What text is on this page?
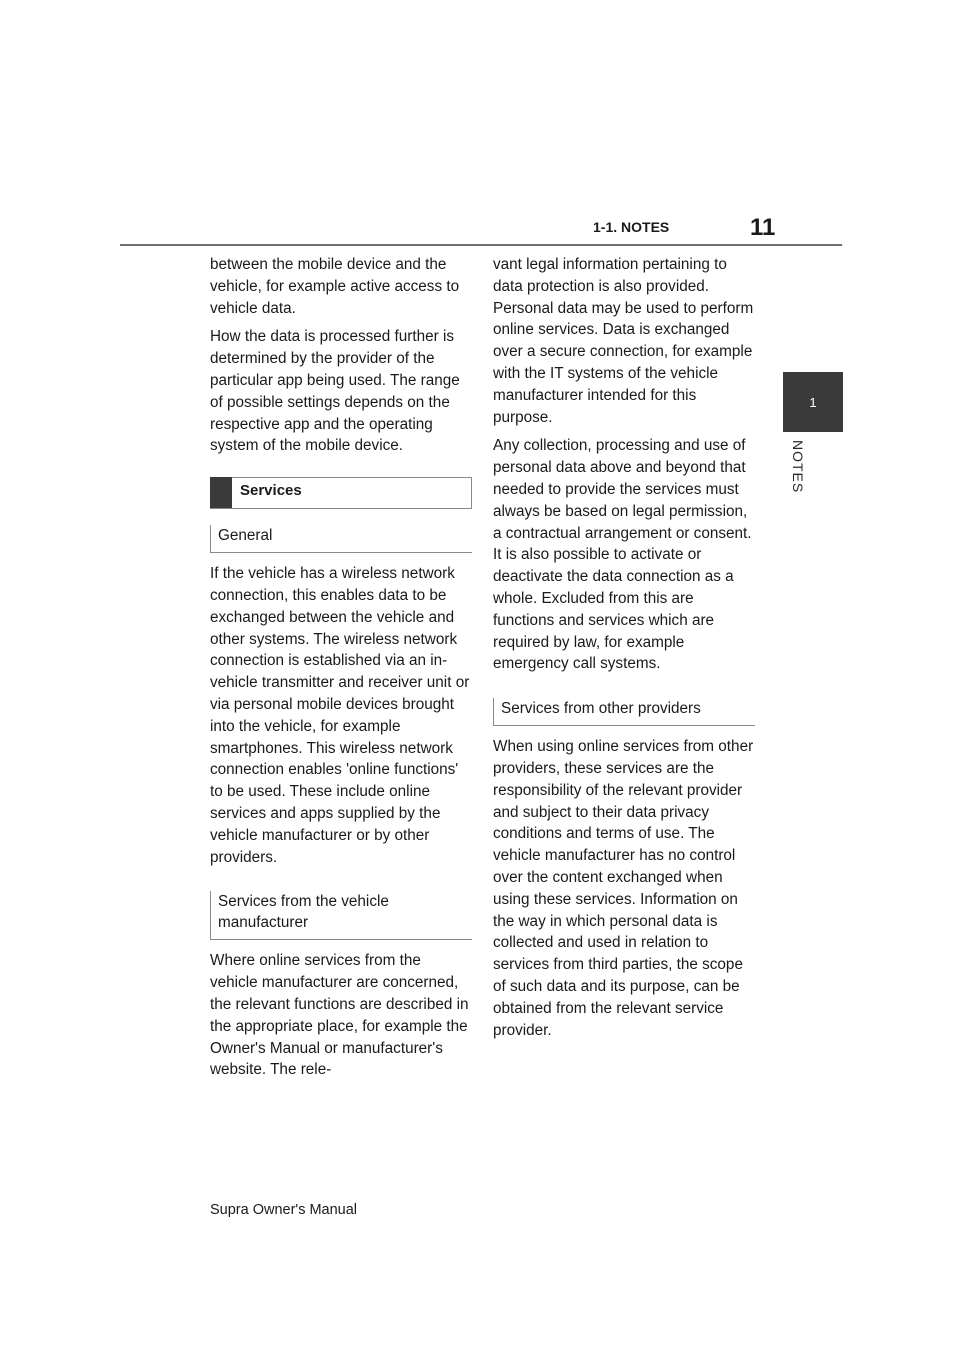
1-1. NOTES	11
1
NOTES

between the mobile device and the vehicle, for example active access to vehicle data.

How the data is processed further is determined by the provider of the particular app being used. The range of possible settings depends on the respective app and the operating system of the mobile device.

Services
General

If the vehicle has a wireless network connection, this enables data to be exchanged between the vehicle and other systems. The wireless network connection is established via an in-vehicle transmitter and receiver unit or via personal mobile devices brought into the vehicle, for example smartphones. This wireless network connection enables 'online functions' to be used. These include online services and apps supplied by the vehicle manufacturer or by other providers.

Services from the vehicle manufacturer

Where online services from the vehicle manufacturer are concerned, the relevant functions are described in the appropriate place, for example the Owner's Manual or manufacturer's website. The rele-

vant legal information pertaining to data protection is also provided. Personal data may be used to perform online services. Data is exchanged over a secure connection, for example with the IT systems of the vehicle manufacturer intended for this purpose.

Any collection, processing and use of personal data above and beyond that needed to provide the services must always be based on legal permission, a contractual arrangement or consent. It is also possible to activate or deactivate the data connection as a whole. Excluded from this are functions and services which are required by law, for example emergency call systems.

Services from other providers

When using online services from other providers, these services are the responsibility of the relevant provider and subject to their data privacy conditions and terms of use. The vehicle manufacturer has no control over the content exchanged when using these services. Information on the way in which personal data is collected and used in relation to services from third parties, the scope of such data and its purpose, can be obtained from the relevant service provider.

Supra Owner's Manual
